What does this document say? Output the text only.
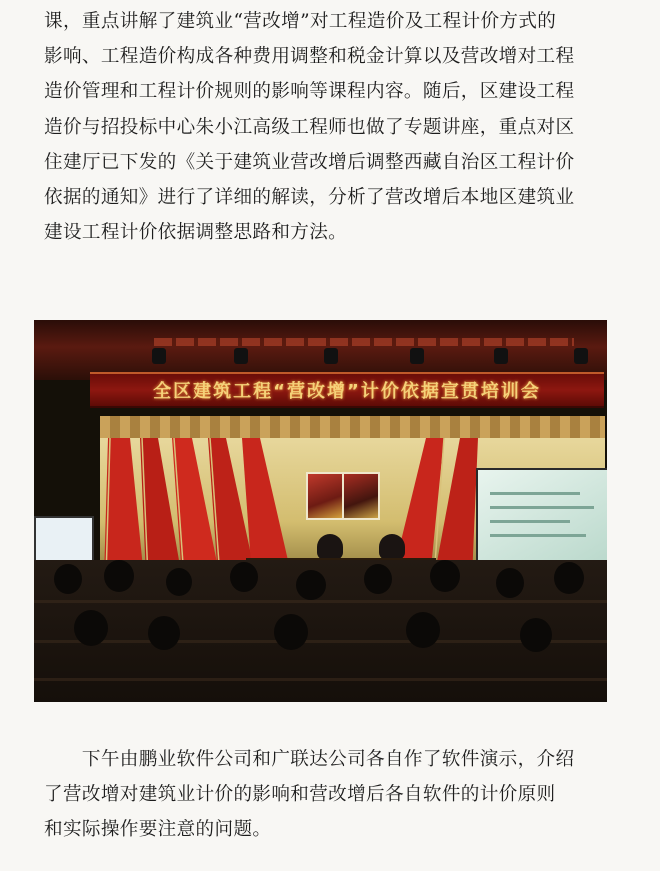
课，重点讲解了建筑业“营改增”对工程造价及工程计价方式的
影响、工程造价构成各种费用调整和税金计算以及营改增对工程
造价管理和工程计价规则的影响等课程内容。随后，区建设工程
造价与招投标中心朱小江高级工程师也做了专题讲座，重点对区
住建厅已下发的《关于建筑业营改增后调整西藏自治区工程计价
依据的通知》进行了详细的解读，分析了营改增后本地区建筑业
建设工程计价依据调整思路和方法。

全区建筑工程“营改增”计价依据宣贯培训会

　　下午由鹏业软件公司和广联达公司各自作了软件演示，介绍
了营改增对建筑业计价的影响和营改增后各自软件的计价原则
和实际操作要注意的问题。
